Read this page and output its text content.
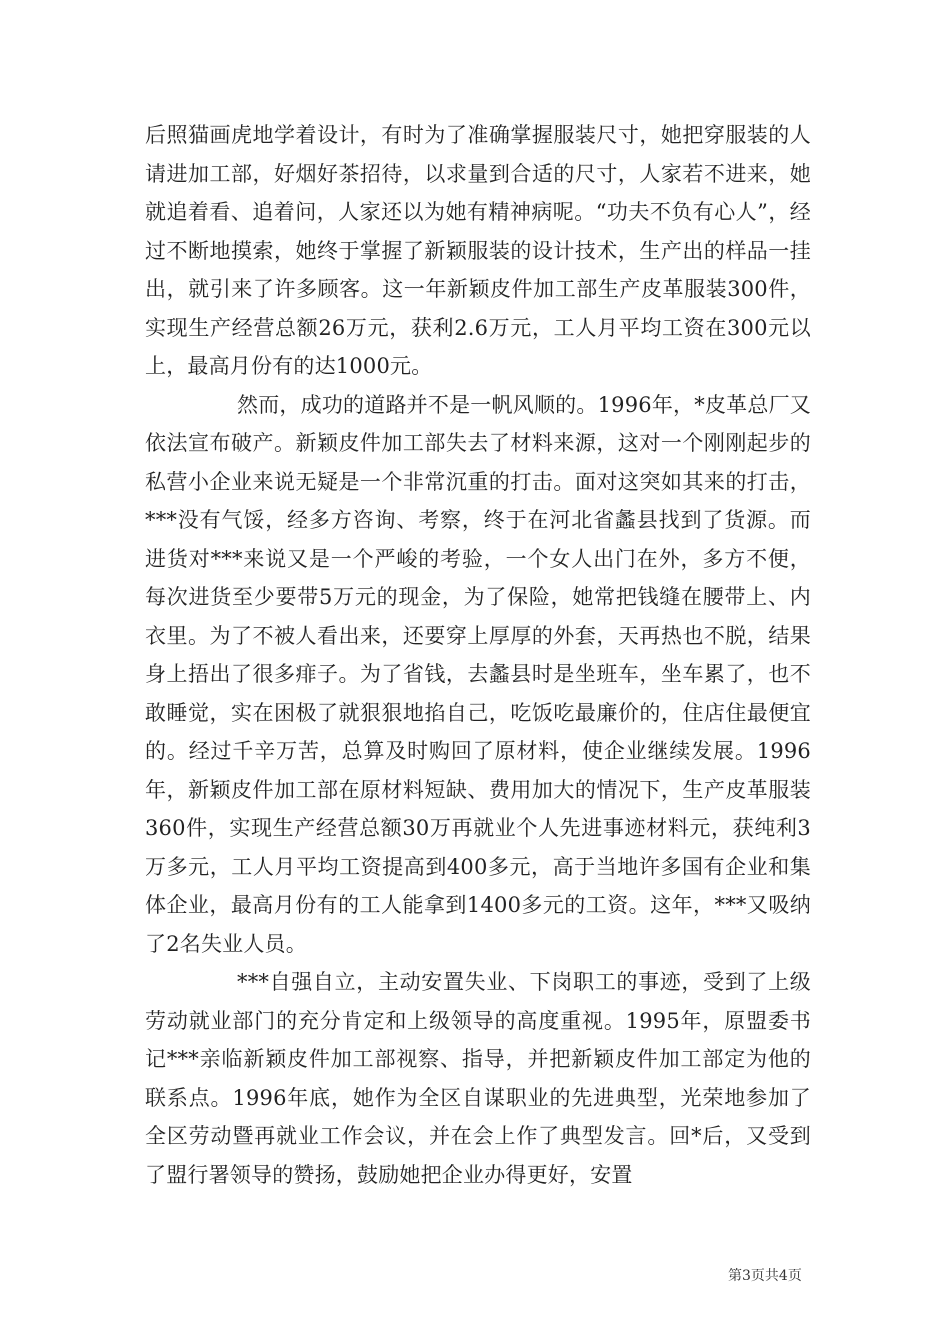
后照猫画虎地学着设计，有时为了准确掌握服装尺寸，她把穿服装的人请进加工部，好烟好茶招待，以求量到合适的尺寸，人家若不进来，她就追着看、追着问，人家还以为她有精神病呢。“功夫不负有心人”，经过不断地摸索，她终于掌握了新颖服装的设计技术，生产出的样品一挂出，就引来了许多顾客。这一年新颖皮件加工部生产皮革服装300件，实现生产经营总额26万元，获利2.6万元，工人月平均工资在300元以上，最高月份有的达1000元。

然而，成功的道路并不是一帆风顺的。1996年，*皮革总厂又依法宣布破产。新颖皮件加工部失去了材料来源，这对一个刚刚起步的私营小企业来说无疑是一个非常沉重的打击。面对这突如其来的打击，***没有气馁，经多方咨询、考察，终于在河北省蠡县找到了货源。而进货对***来说又是一个严峻的考验，一个女人出门在外，多方不便，每次进货至少要带5万元的现金，为了保险，她常把钱缝在腰带上、内衣里。为了不被人看出来，还要穿上厚厚的外套，天再热也不脱，结果身上捂出了很多痱子。为了省钱，去蠡县时是坐班车，坐车累了，也不敢睡觉，实在困极了就狠狠地掐自己，吃饭吃最廉价的，住店住最便宜的。经过千辛万苦，总算及时购回了原材料，使企业继续发展。1996年，新颖皮件加工部在原材料短缺、费用加大的情况下，生产皮革服装360件，实现生产经营总额30万再就业个人先进事迹材料元，获纯利3万多元，工人月平均工资提高到400多元，高于当地许多国有企业和集体企业，最高月份有的工人能拿到1400多元的工资。这年，***又吸纳了2名失业人员。

***自强自立，主动安置失业、下岗职工的事迹，受到了上级劳动就业部门的充分肯定和上级领导的高度重视。1995年，原盟委书记***亲临新颖皮件加工部视察、指导，并把新颖皮件加工部定为他的联系点。1996年底，她作为全区自谋职业的先进典型，光荣地参加了全区劳动暨再就业工作会议，并在会上作了典型发言。回*后，又受到了盟行署领导的赞扬，鼓励她把企业办得更好，安置

第3页共4页
